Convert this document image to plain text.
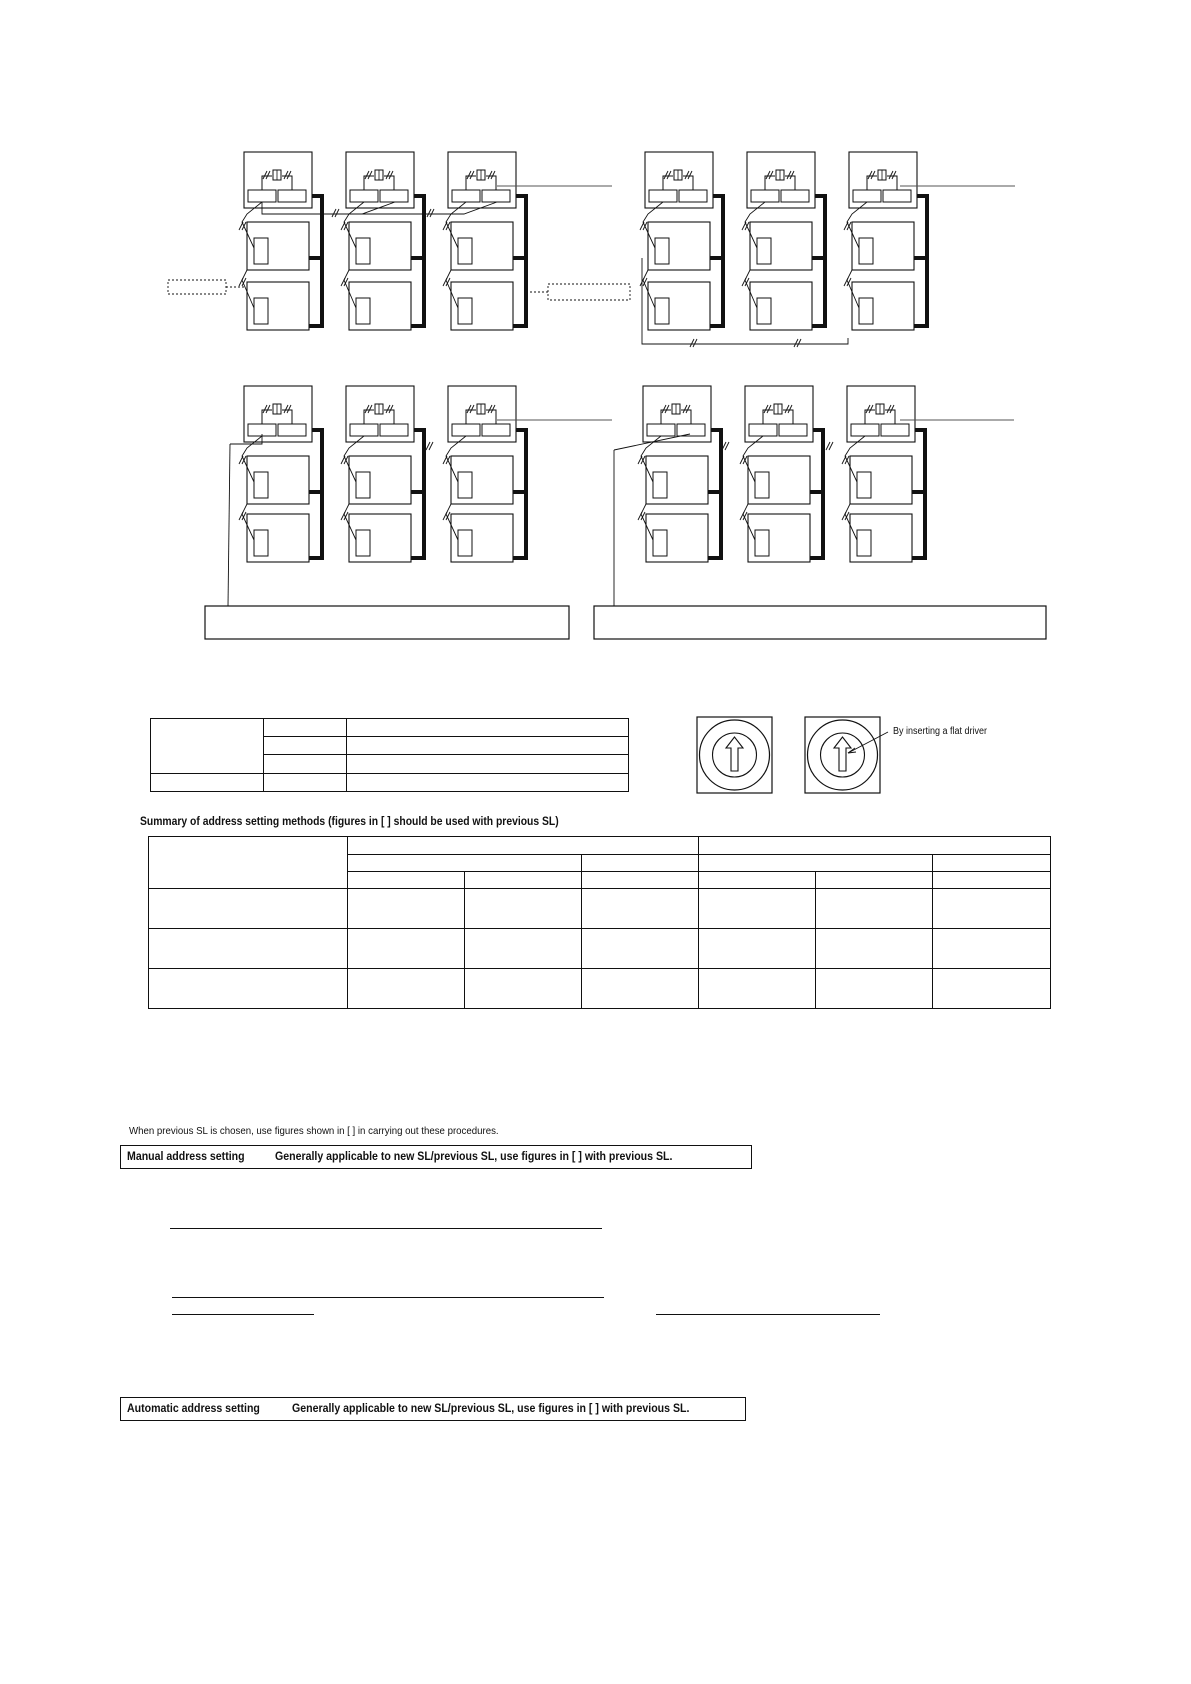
By inserting a flat driver
Summary of address setting methods (figures in [ ] should be used with previous SL)

When previous SL is chosen, use figures shown in [ ] in carrying out these procedures.
Manual address setting	Generally applicable to new SL/previous SL, use figures in [ ] with previous SL.
Automatic address setting	Generally applicable to new SL/previous SL, use figures in [ ] with previous SL.
